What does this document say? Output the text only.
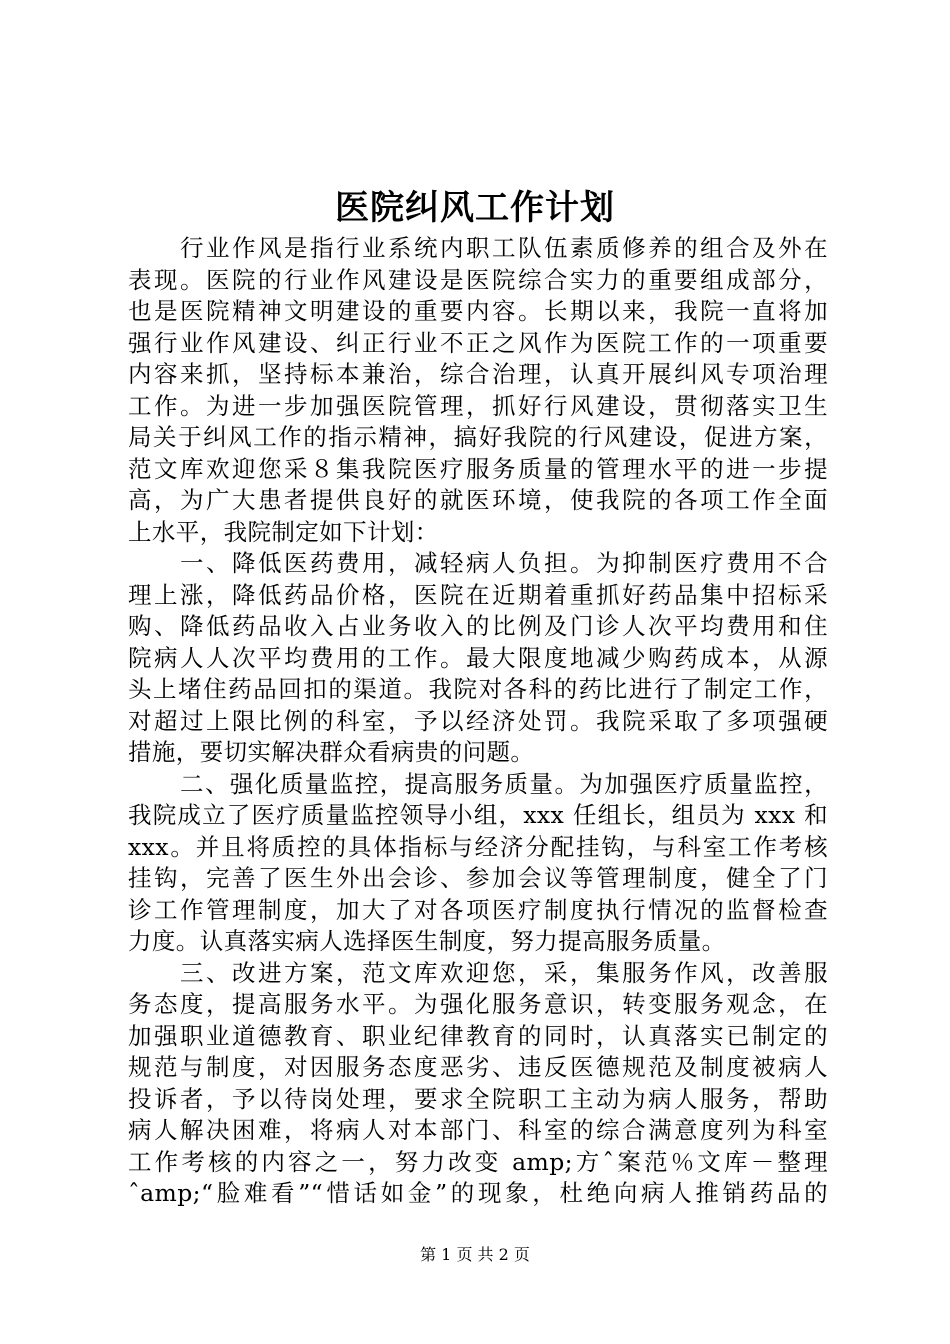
医院纠风工作计划
行业作风是指行业系统内职工队伍素质修养的组合及外在
表现。医院的行业作风建设是医院综合实力的重要组成部分，
也是医院精神文明建设的重要内容。长期以来，我院一直将加
强行业作风建设、纠正行业不正之风作为医院工作的一项重要
内容来抓，坚持标本兼治，综合治理，认真开展纠风专项治理
工作。为进一步加强医院管理，抓好行风建设，贯彻落实卫生
局关于纠风工作的指示精神，搞好我院的行风建设，促进方案，
范文库欢迎您采８集我院医疗服务质量的管理水平的进一步提
高，为广大患者提供良好的就医环境，使我院的各项工作全面
上水平，我院制定如下计划：
一、降低医药费用，减轻病人负担。为抑制医疗费用不合
理上涨，降低药品价格，医院在近期着重抓好药品集中招标采
购、降低药品收入占业务收入的比例及门诊人次平均费用和住
院病人人次平均费用的工作。最大限度地减少购药成本，从源
头上堵住药品回扣的渠道。我院对各科的药比进行了制定工作，
对超过上限比例的科室，予以经济处罚。我院采取了多项强硬
措施，要切实解决群众看病贵的问题。
二、强化质量监控，提高服务质量。为加强医疗质量监控，
我院成立了医疗质量监控领导小组，xxx 任组长，组员为 xxx 和
xxx。并且将质控的具体指标与经济分配挂钩，与科室工作考核
挂钩，完善了医生外出会诊、参加会议等管理制度，健全了门
诊工作管理制度，加大了对各项医疗制度执行情况的监督检查
力度。认真落实病人选择医生制度，努力提高服务质量。
三、改进方案，范文库欢迎您，采，集服务作风，改善服
务态度，提高服务水平。为强化服务意识，转变服务观念，在
加强职业道德教育、职业纪律教育的同时，认真落实已制定的
规范与制度，对因服务态度恶劣、违反医德规范及制度被病人
投诉者，予以待岗处理，要求全院职工主动为病人服务，帮助
病人解决困难，将病人对本部门、科室的综合满意度列为科室
工作考核的内容之一，努力改变 amp;方ˆ案范％文库－整理
ˆamp;“脸难看”“惜话如金”的现象，杜绝向病人推销药品的
第 1 页 共 2 页
